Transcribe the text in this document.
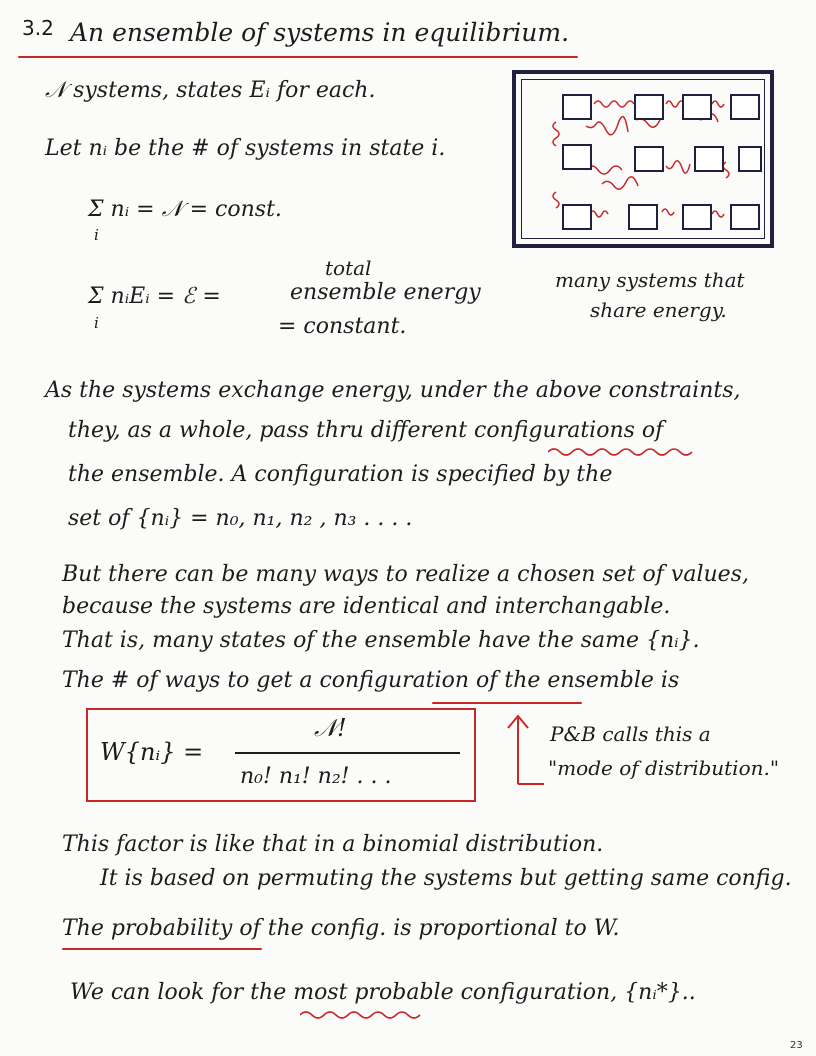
3.2 An ensemble of systems in equilibrium.
𝒩 systems, states Eᵢ for each.
Let nᵢ be the # of systems in state i.
Σ nᵢ = 𝒩 = const.
i
Σ nᵢEᵢ = ℰ =
i
total
ensemble energy
= constant.
many systems that
share energy.
As the systems exchange energy, under the above constraints,
they, as a whole, pass thru different configurations of
the ensemble. A configuration is specified by the
set of {nᵢ} = n₀, n₁, n₂ , n₃ . . . .
But there can be many ways to realize a chosen set of values,
because the systems are identical and interchangable.
That is, many states of the ensemble have the same {nᵢ}.
The # of ways to get a configuration of the ensemble is
W{nᵢ} =
𝒩!
n₀! n₁! n₂! . . .
P&B calls this a
"mode of distribution."
This factor is like that in a binomial distribution.
It is based on permuting the systems but getting same config.
The probability of the config. is proportional to W.
We can look for the most probable configuration, {nᵢ*}..
23
